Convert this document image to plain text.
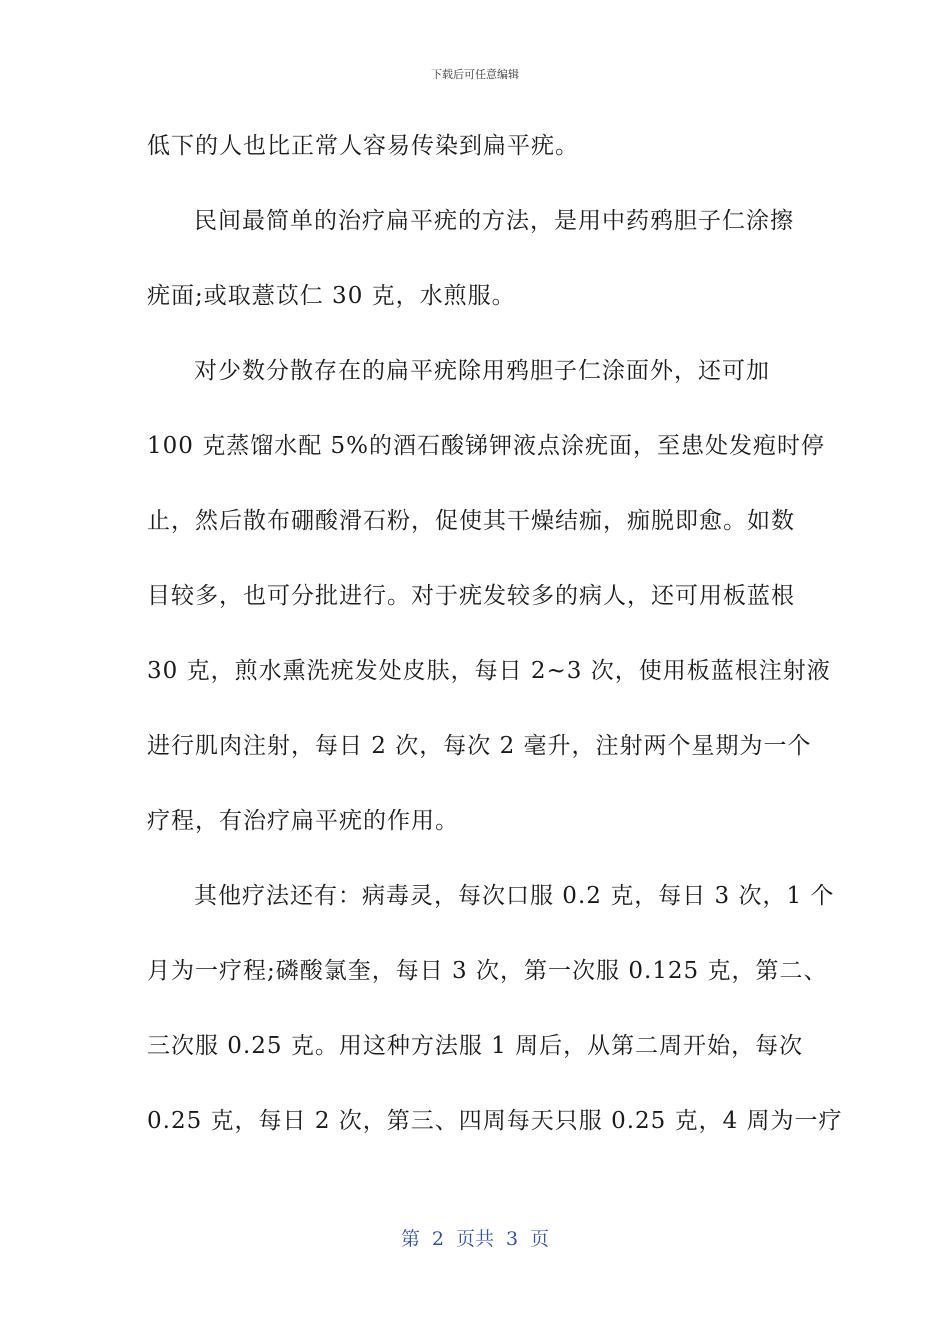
下载后可任意编辑
低下的人也比正常人容易传染到扁平疣。
民间最简单的治疗扁平疣的方法，是用中药鸦胆子仁涂擦
疣面;或取薏苡仁 30 克，水煎服。
对少数分散存在的扁平疣除用鸦胆子仁涂面外，还可加
100 克蒸馏水配 5%的酒石酸锑钾液点涂疣面，至患处发疱时停
止，然后散布硼酸滑石粉，促使其干燥结痂，痂脱即愈。如数
目较多，也可分批进行。对于疣发较多的病人，还可用板蓝根
30 克，煎水熏洗疣发处皮肤，每日 2~3 次，使用板蓝根注射液
进行肌肉注射，每日 2 次，每次 2 毫升，注射两个星期为一个
疗程，有治疗扁平疣的作用。
其他疗法还有：病毒灵，每次口服 0.2 克，每日 3 次，1 个
月为一疗程;磷酸氯奎，每日 3 次，第一次服 0.125 克，第二、
三次服 0.25 克。用这种方法服 1 周后，从第二周开始，每次
0.25 克，每日 2 次，第三、四周每天只服 0.25 克，4 周为一疗
第 2 页共 3 页
